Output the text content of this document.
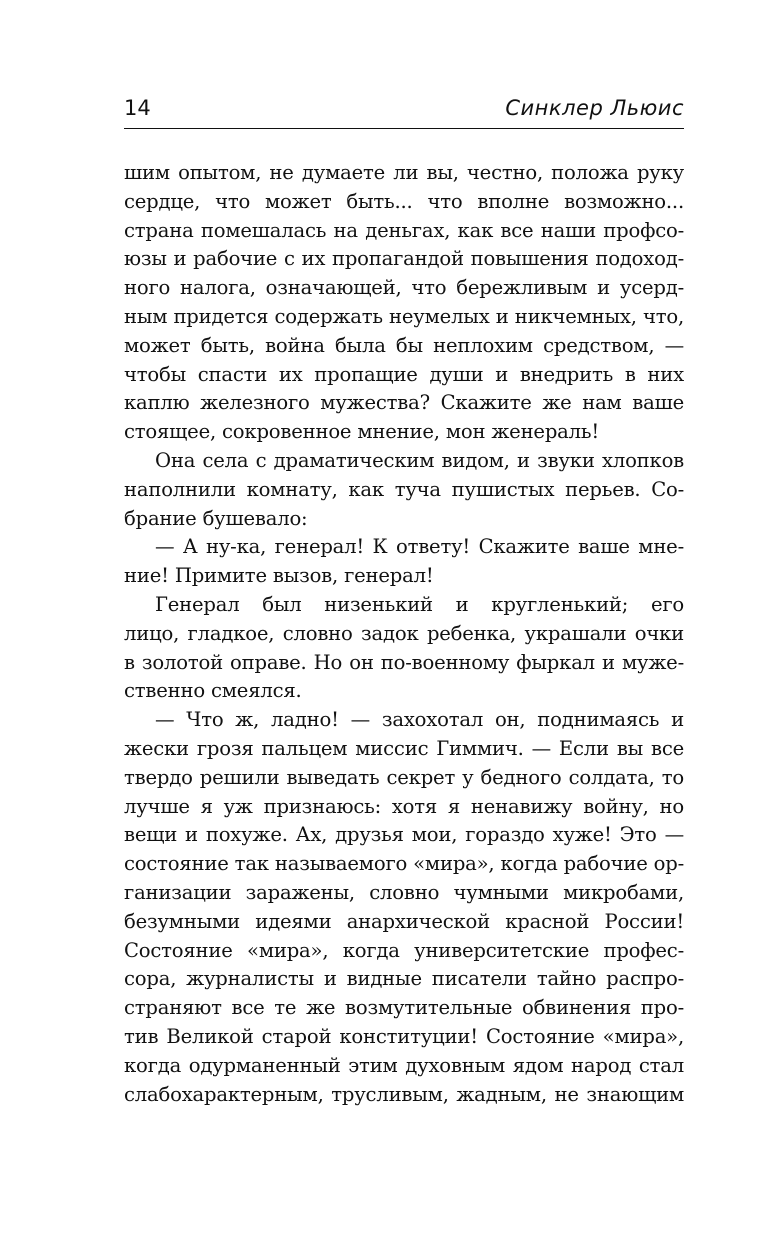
14	Синклер Льюис
шим опытом, не думаете ли вы, честно, положа руку
сердце, что может быть... что вполне возможно...
страна помешалась на деньгах, как все наши профсо-
юзы и рабочие с их пропагандой повышения подоход-
ного налога, означающей, что бережливым и усерд-
ным придется содержать неумелых и никчемных, что,
может быть, война была бы неплохим средством, —
чтобы спасти их пропащие души и внедрить в них
каплю железного мужества? Скажите же нам ваше
стоящее, сокровенное мнение, мон женераль!
Она села с драматическим видом, и звуки хлопков
наполнили комнату, как туча пушистых перьев. Со-
брание бушевало:
— А ну-ка, генерал! К ответу! Скажите ваше мне-
ние! Примите вызов, генерал!
Генерал был низенький и кругленький; его
лицо, гладкое, словно задок ребенка, украшали очки
в золотой оправе. Но он по-военному фыркал и муже-
ственно смеялся.
— Что ж, ладно! — захохотал он, поднимаясь и
жески грозя пальцем миссис Гиммич. — Если вы все
твердо решили выведать секрет у бедного солдата, то
лучше я уж признаюсь: хотя я ненавижу войну, но
вещи и похуже. Ах, друзья мои, гораздо хуже! Это —
состояние так называемого «мира», когда рабочие ор-
ганизации заражены, словно чумными микробами,
безумными идеями анархической красной России!
Состояние «мира», когда университетские профес-
сора, журналисты и видные писатели тайно распро-
страняют все те же возмутительные обвинения про-
тив Великой старой конституции! Состояние «мира»,
когда одурманенный этим духовным ядом народ стал
слабохарактерным, трусливым, жадным, не знающим
